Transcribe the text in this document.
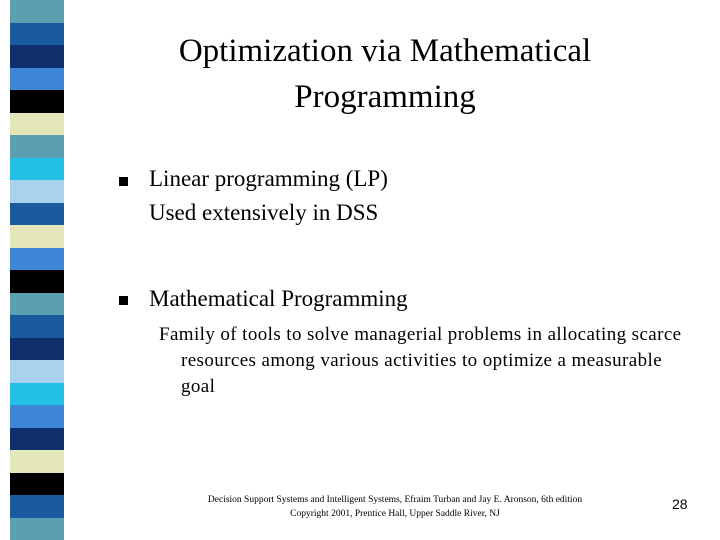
Optimization via Mathematical
Programming
Linear programming (LP)
Used extensively in DSS
Mathematical Programming
Family of tools to solve managerial problems in allocating scarce resources among various activities to optimize a measurable goal
Decision Support Systems and Intelligent Systems, Efraim Turban and Jay E. Aronson, 6th edition
Copyright 2001, Prentice Hall, Upper Saddle River, NJ
28
